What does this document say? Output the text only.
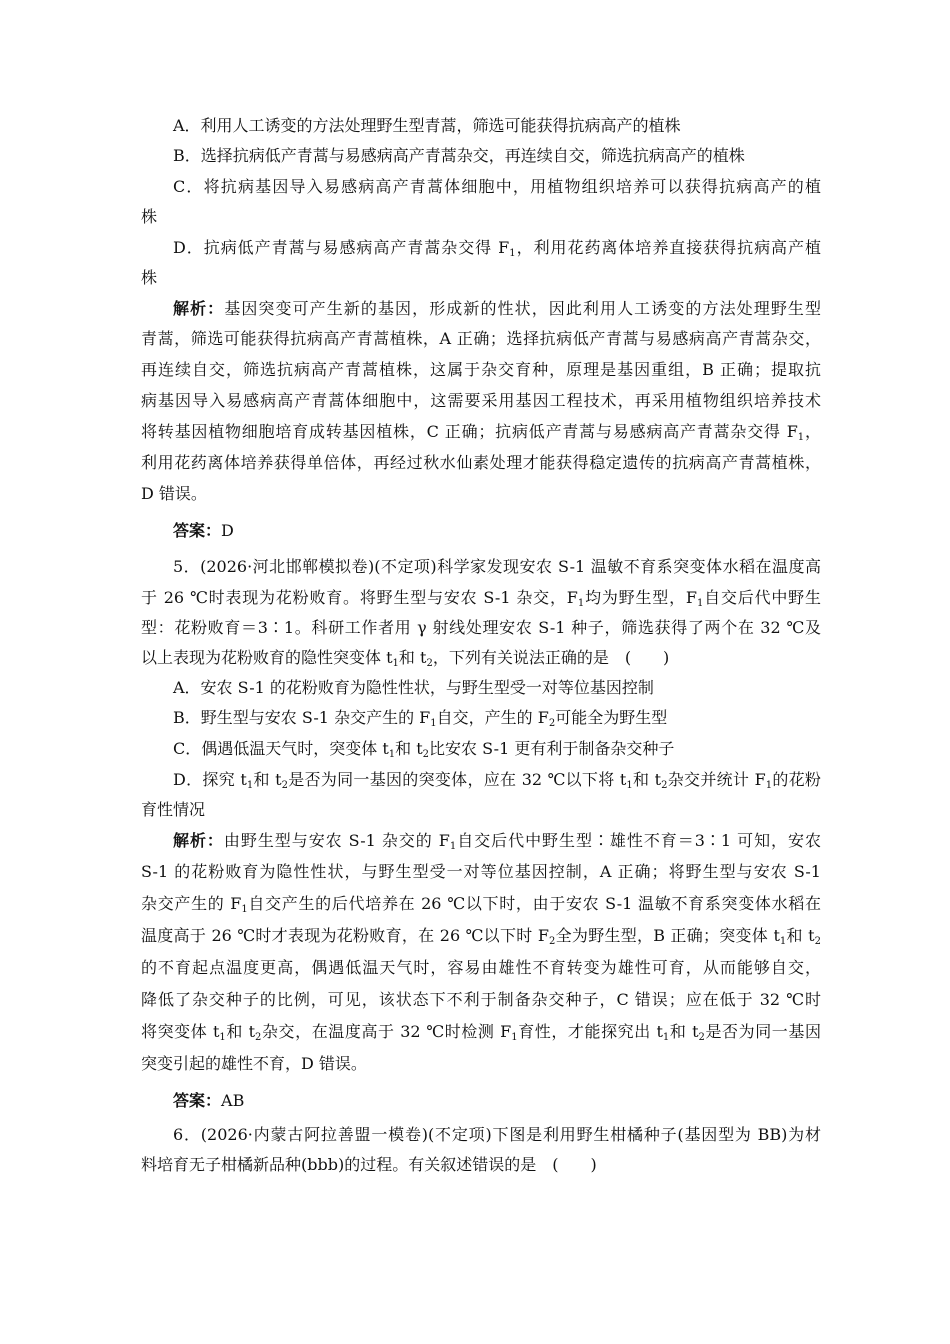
A．利用人工诱变的方法处理野生型青蒿，筛选可能获得抗病高产的植株
B．选择抗病低产青蒿与易感病高产青蒿杂交，再连续自交，筛选抗病高产的植株
C．将抗病基因导入易感病高产青蒿体细胞中，用植物组织培养可以获得抗病高产的植
株
D．抗病低产青蒿与易感病高产青蒿杂交得 $F_1$，利用花药离体培养直接获得抗病高产植
株
解析：基因突变可产生新的基因，形成新的性状，因此利用人工诱变的方法处理野生型
青蒿，筛选可能获得抗病高产青蒿植株，A 正确；选择抗病低产青蒿与易感病高产青蒿杂交，
再连续自交，筛选抗病高产青蒿植株，这属于杂交育种，原理是基因重组，B 正确；提取抗
病基因导入易感病高产青蒿体细胞中，这需要采用基因工程技术，再采用植物组织培养技术
将转基因植物细胞培育成转基因植株，C 正确；抗病低产青蒿与易感病高产青蒿杂交得 $F_1$，
利用花药离体培养获得单倍体，再经过秋水仙素处理才能获得稳定遗传的抗病高产青蒿植株，
D 错误。
答案：D
5．(2026·河北邯郸模拟卷)(不定项)科学家发现安农 S-1 温敏不育系突变体水稻在温度高
于 26 ℃时表现为花粉败育。将野生型与安农 S-1 杂交，$F_1$均为野生型，$F_1$自交后代中野生
型：花粉败育＝3∶1。科研工作者用 γ 射线处理安农 S-1 种子，筛选获得了两个在 32 ℃及
以上表现为花粉败育的隐性突变体 $t_1$和 $t_2$，下列有关说法正确的是　(　　)
A．安农 S-1 的花粉败育为隐性性状，与野生型受一对等位基因控制
B．野生型与安农 S-1 杂交产生的 $F_1$自交，产生的 $F_2$可能全为野生型
C．偶遇低温天气时，突变体 $t_1$和 $t_2$比安农 S-1 更有利于制备杂交种子
D．探究 $t_1$和 $t_2$是否为同一基因的突变体，应在 32 ℃以下将 $t_1$和 $t_2$杂交并统计 $F_1$的花粉
育性情况
解析：由野生型与安农 S-1 杂交的 $F_1$自交后代中野生型∶雄性不育＝3∶1 可知，安农
S-1 的花粉败育为隐性性状，与野生型受一对等位基因控制，A 正确；将野生型与安农 S-1
杂交产生的 $F_1$自交产生的后代培养在 26 ℃以下时，由于安农 S-1 温敏不育系突变体水稻在
温度高于 26 ℃时才表现为花粉败育，在 26 ℃以下时 $F_2$全为野生型，B 正确；突变体 $t_1$和 $t_2$
的不育起点温度更高，偶遇低温天气时，容易由雄性不育转变为雄性可育，从而能够自交，
降低了杂交种子的比例，可见，该状态下不利于制备杂交种子，C 错误；应在低于 32 ℃时
将突变体 $t_1$和 $t_2$杂交，在温度高于 32 ℃时检测 $F_1$育性，才能探究出 $t_1$和 $t_2$是否为同一基因
突变引起的雄性不育，D 错误。
答案：AB
6．(2026·内蒙古阿拉善盟一模卷)(不定项)下图是利用野生柑橘种子(基因型为 BB)为材
料培育无子柑橘新品种(bbb)的过程。有关叙述错误的是　(　　)
